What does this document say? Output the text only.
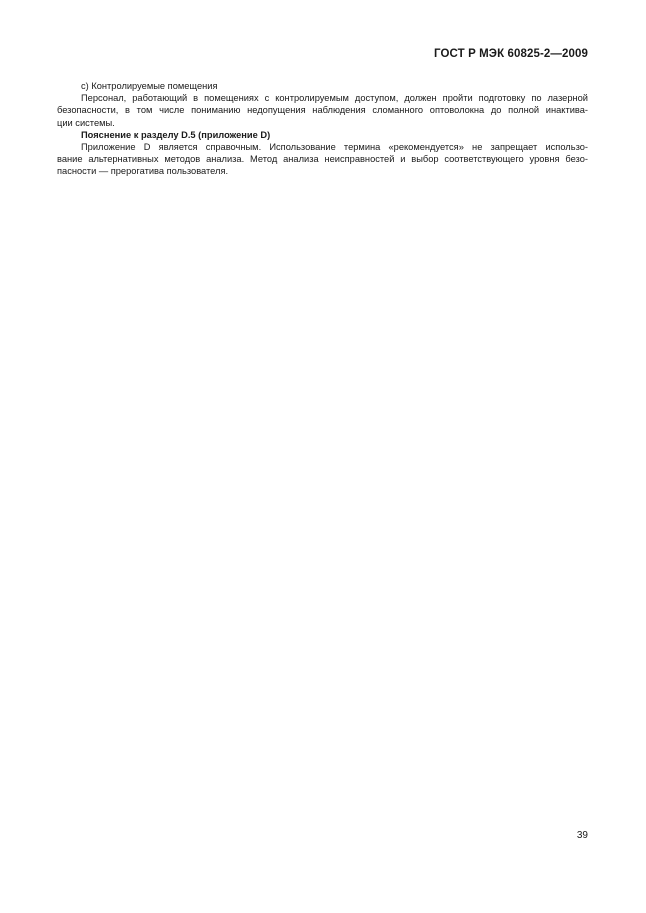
ГОСТ Р МЭК 60825-2—2009

с) Контролируемые помещения

Персонал, работающий в помещениях с контролируемым доступом, должен пройти подготовку по лазерной
безопасности, в том числе пониманию недопущения наблюдения сломанного оптоволокна до полной инактива-
ции системы.

Пояснение к разделу D.5 (приложение D)

Приложение D является справочным. Использование термина «рекомендуется» не запрещает использо-
вание альтернативных методов анализа. Метод анализа неисправностей и выбор соответствующего уровня безо-
пасности — прерогатива пользователя.

39
